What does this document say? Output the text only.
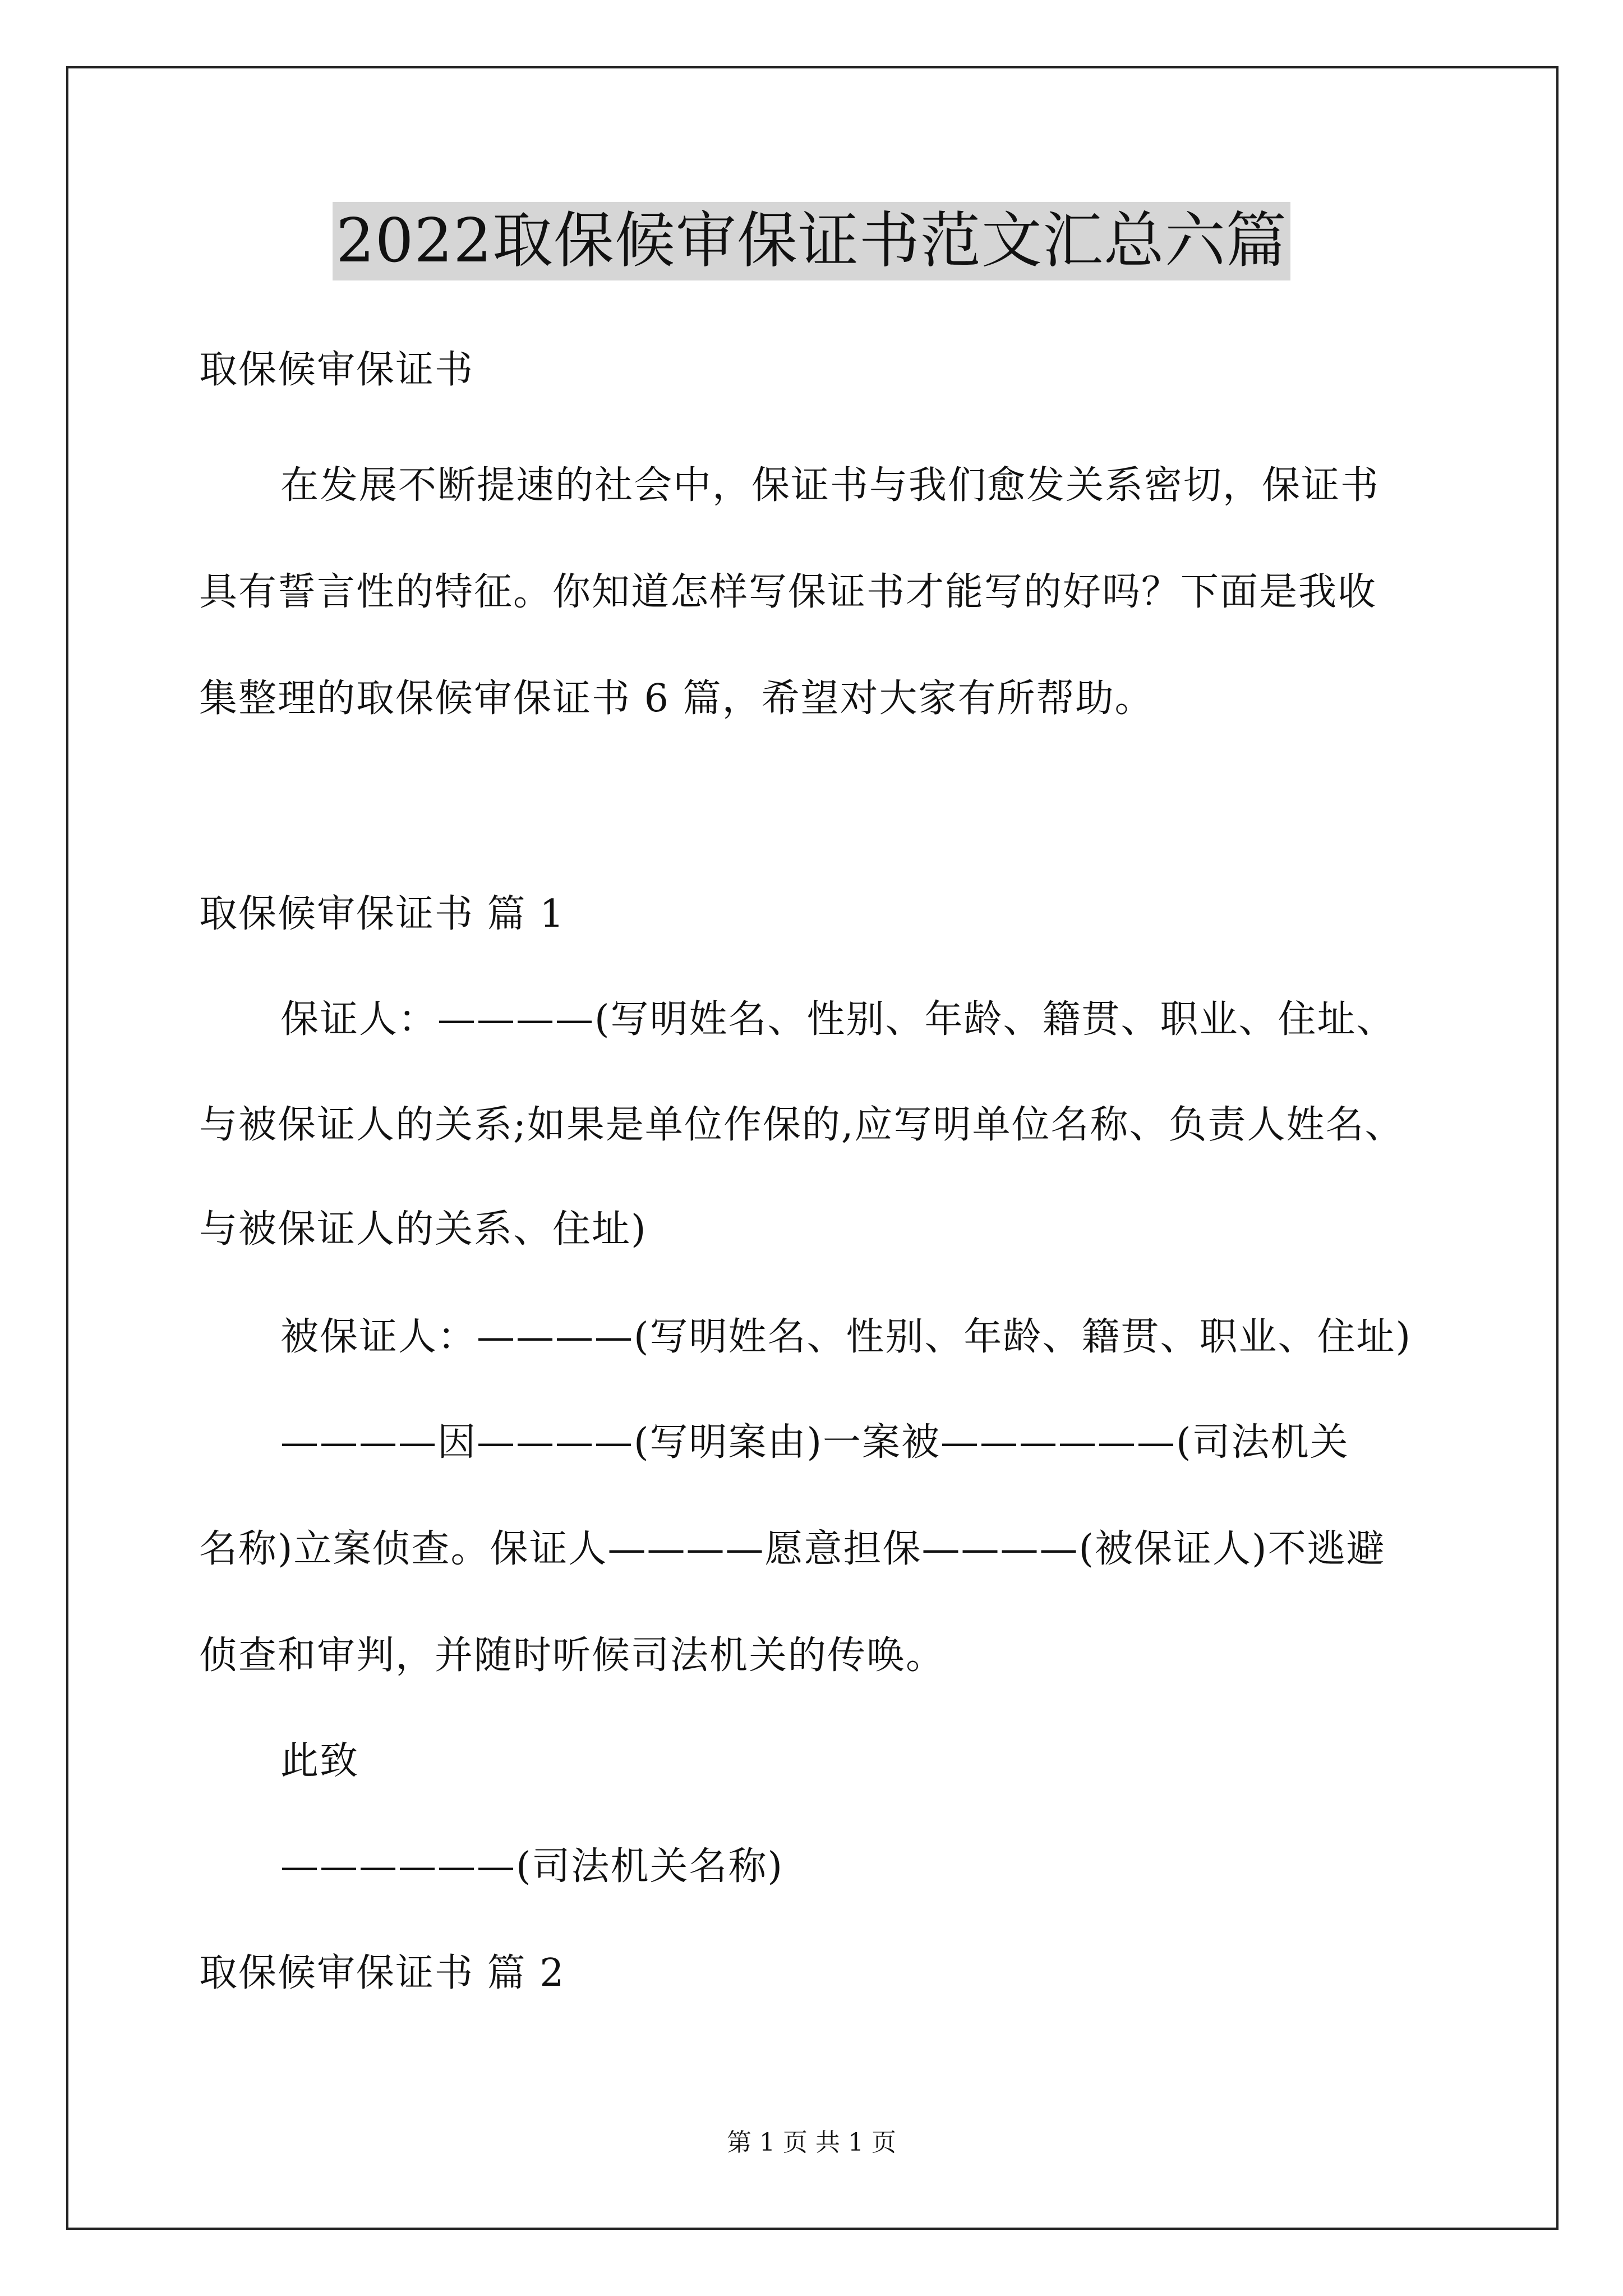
2022取保候审保证书范文汇总六篇
取保候审保证书
在发展不断提速的社会中，保证书与我们愈发关系密切，保证书
具有誓言性的特征。你知道怎样写保证书才能写的好吗？下面是我收
集整理的取保候审保证书 6 篇，希望对大家有所帮助。
取保候审保证书 篇 1
保证人：————(写明姓名、性别、年龄、籍贯、职业、住址、
与被保证人的关系;如果是单位作保的,应写明单位名称、负责人姓名、
与被保证人的关系、住址)
被保证人：————(写明姓名、性别、年龄、籍贯、职业、住址)
————因————(写明案由)一案被——————(司法机关
名称)立案侦查。保证人————愿意担保————(被保证人)不逃避
侦查和审判，并随时听候司法机关的传唤。
此致
——————(司法机关名称)
取保候审保证书 篇 2
第 1 页 共 1 页
